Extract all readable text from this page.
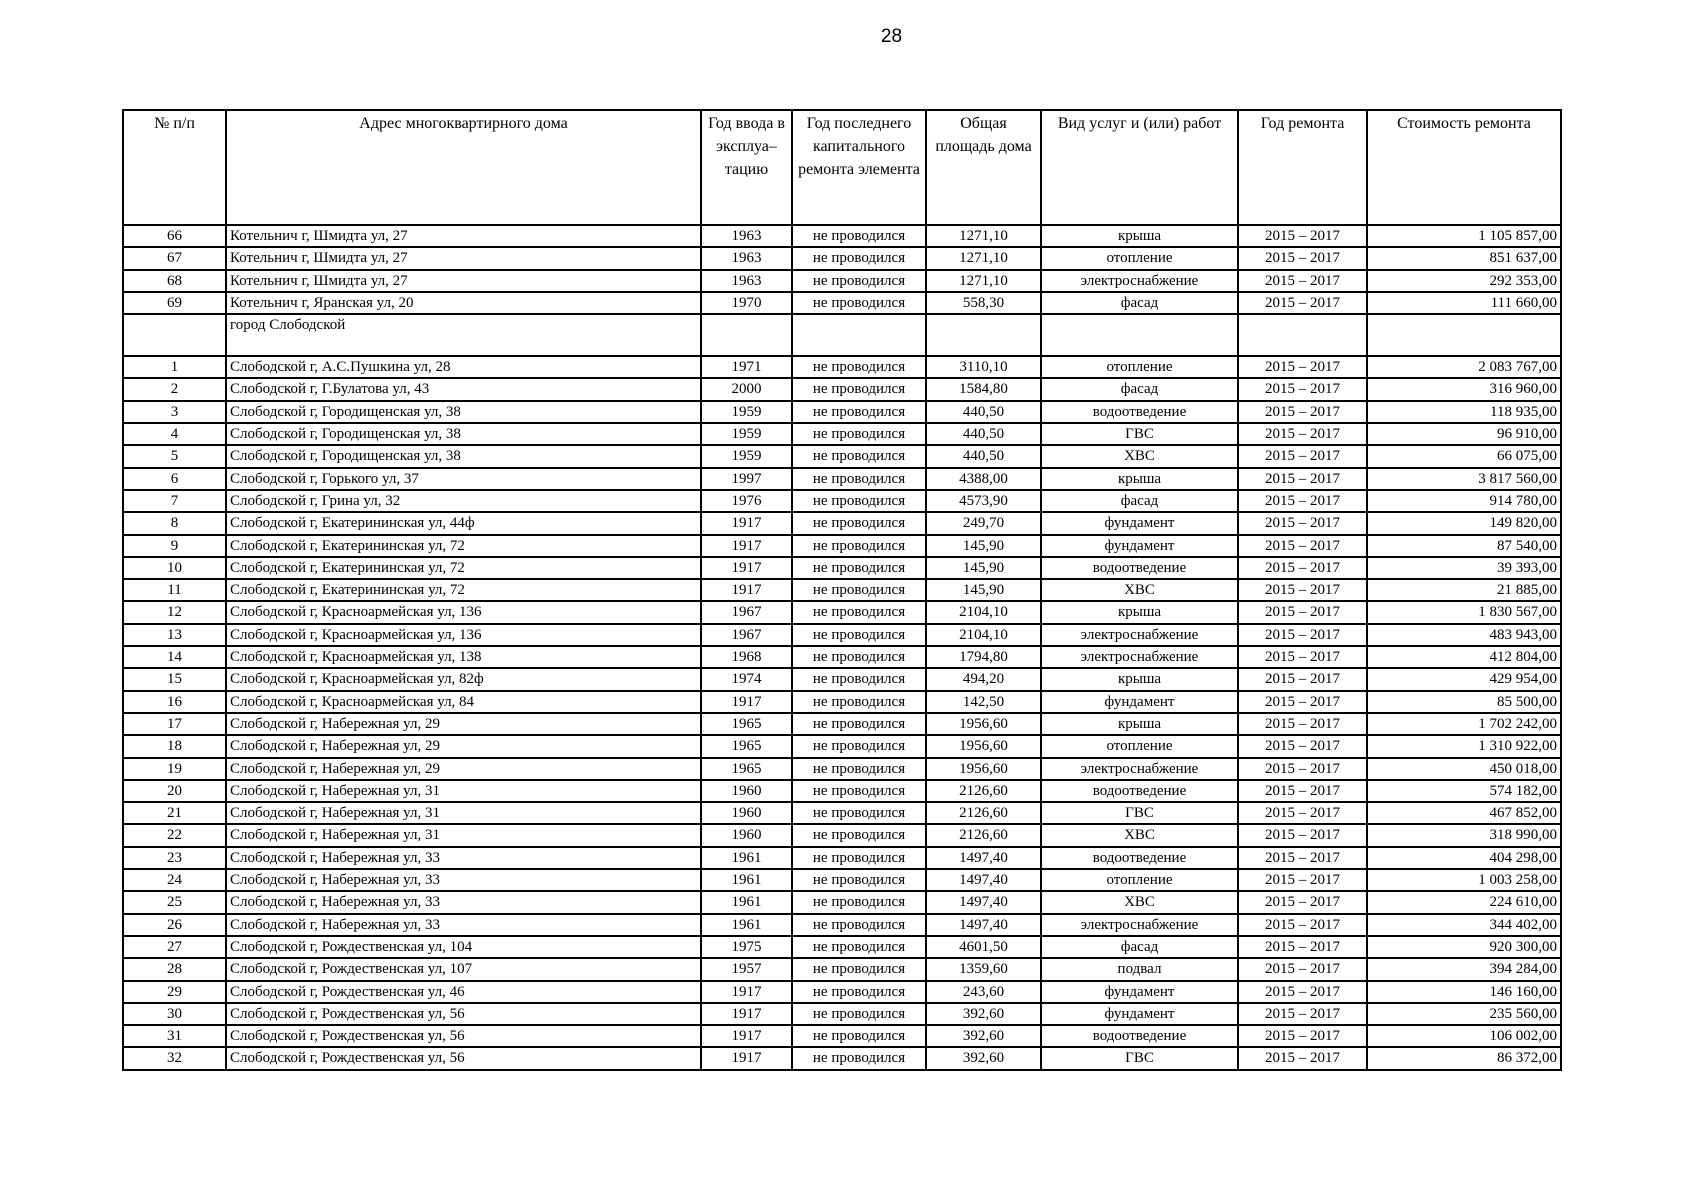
28
№ п/п	Адрес многоквартирного дома	Год ввода в эксплуа– тацию	Год последнего капитального ремонта элемента	Общая площадь дома	Вид услуг и (или) работ	Год ремонта	Стоимость ремонта
66	Котельнич г, Шмидта ул, 27	1963	не проводился	1271,10	крыша	2015 – 2017	1 105 857,00
67	Котельнич г, Шмидта ул, 27	1963	не проводился	1271,10	отопление	2015 – 2017	851 637,00
68	Котельнич г, Шмидта ул, 27	1963	не проводился	1271,10	электроснабжение	2015 – 2017	292 353,00
69	Котельнич г, Яранская ул, 20	1970	не проводился	558,30	фасад	2015 – 2017	111 660,00
	город Слободской						
1	Слободской г, А.С.Пушкина ул, 28	1971	не проводился	3110,10	отопление	2015 – 2017	2 083 767,00
2	Слободской г, Г.Булатова ул, 43	2000	не проводился	1584,80	фасад	2015 – 2017	316 960,00
3	Слободской г, Городищенская ул, 38	1959	не проводился	440,50	водоотведение	2015 – 2017	118 935,00
4	Слободской г, Городищенская ул, 38	1959	не проводился	440,50	ГВС	2015 – 2017	96 910,00
5	Слободской г, Городищенская ул, 38	1959	не проводился	440,50	ХВС	2015 – 2017	66 075,00
6	Слободской г, Горького ул, 37	1997	не проводился	4388,00	крыша	2015 – 2017	3 817 560,00
7	Слободской г, Грина ул, 32	1976	не проводился	4573,90	фасад	2015 – 2017	914 780,00
8	Слободской г, Екатерининская ул, 44ф	1917	не проводился	249,70	фундамент	2015 – 2017	149 820,00
9	Слободской г, Екатерининская ул, 72	1917	не проводился	145,90	фундамент	2015 – 2017	87 540,00
10	Слободской г, Екатерининская ул, 72	1917	не проводился	145,90	водоотведение	2015 – 2017	39 393,00
11	Слободской г, Екатерининская ул, 72	1917	не проводился	145,90	ХВС	2015 – 2017	21 885,00
12	Слободской г, Красноармейская ул, 136	1967	не проводился	2104,10	крыша	2015 – 2017	1 830 567,00
13	Слободской г, Красноармейская ул, 136	1967	не проводился	2104,10	электроснабжение	2015 – 2017	483 943,00
14	Слободской г, Красноармейская ул, 138	1968	не проводился	1794,80	электроснабжение	2015 – 2017	412 804,00
15	Слободской г, Красноармейская ул, 82ф	1974	не проводился	494,20	крыша	2015 – 2017	429 954,00
16	Слободской г, Красноармейская ул, 84	1917	не проводился	142,50	фундамент	2015 – 2017	85 500,00
17	Слободской г, Набережная ул, 29	1965	не проводился	1956,60	крыша	2015 – 2017	1 702 242,00
18	Слободской г, Набережная ул, 29	1965	не проводился	1956,60	отопление	2015 – 2017	1 310 922,00
19	Слободской г, Набережная ул, 29	1965	не проводился	1956,60	электроснабжение	2015 – 2017	450 018,00
20	Слободской г, Набережная ул, 31	1960	не проводился	2126,60	водоотведение	2015 – 2017	574 182,00
21	Слободской г, Набережная ул, 31	1960	не проводился	2126,60	ГВС	2015 – 2017	467 852,00
22	Слободской г, Набережная ул, 31	1960	не проводился	2126,60	ХВС	2015 – 2017	318 990,00
23	Слободской г, Набережная ул, 33	1961	не проводился	1497,40	водоотведение	2015 – 2017	404 298,00
24	Слободской г, Набережная ул, 33	1961	не проводился	1497,40	отопление	2015 – 2017	1 003 258,00
25	Слободской г, Набережная ул, 33	1961	не проводился	1497,40	ХВС	2015 – 2017	224 610,00
26	Слободской г, Набережная ул, 33	1961	не проводился	1497,40	электроснабжение	2015 – 2017	344 402,00
27	Слободской г, Рождественская ул, 104	1975	не проводился	4601,50	фасад	2015 – 2017	920 300,00
28	Слободской г, Рождественская ул, 107	1957	не проводился	1359,60	подвал	2015 – 2017	394 284,00
29	Слободской г, Рождественская ул, 46	1917	не проводился	243,60	фундамент	2015 – 2017	146 160,00
30	Слободской г, Рождественская ул, 56	1917	не проводился	392,60	фундамент	2015 – 2017	235 560,00
31	Слободской г, Рождественская ул, 56	1917	не проводился	392,60	водоотведение	2015 – 2017	106 002,00
32	Слободской г, Рождественская ул, 56	1917	не проводился	392,60	ГВС	2015 – 2017	86 372,00
